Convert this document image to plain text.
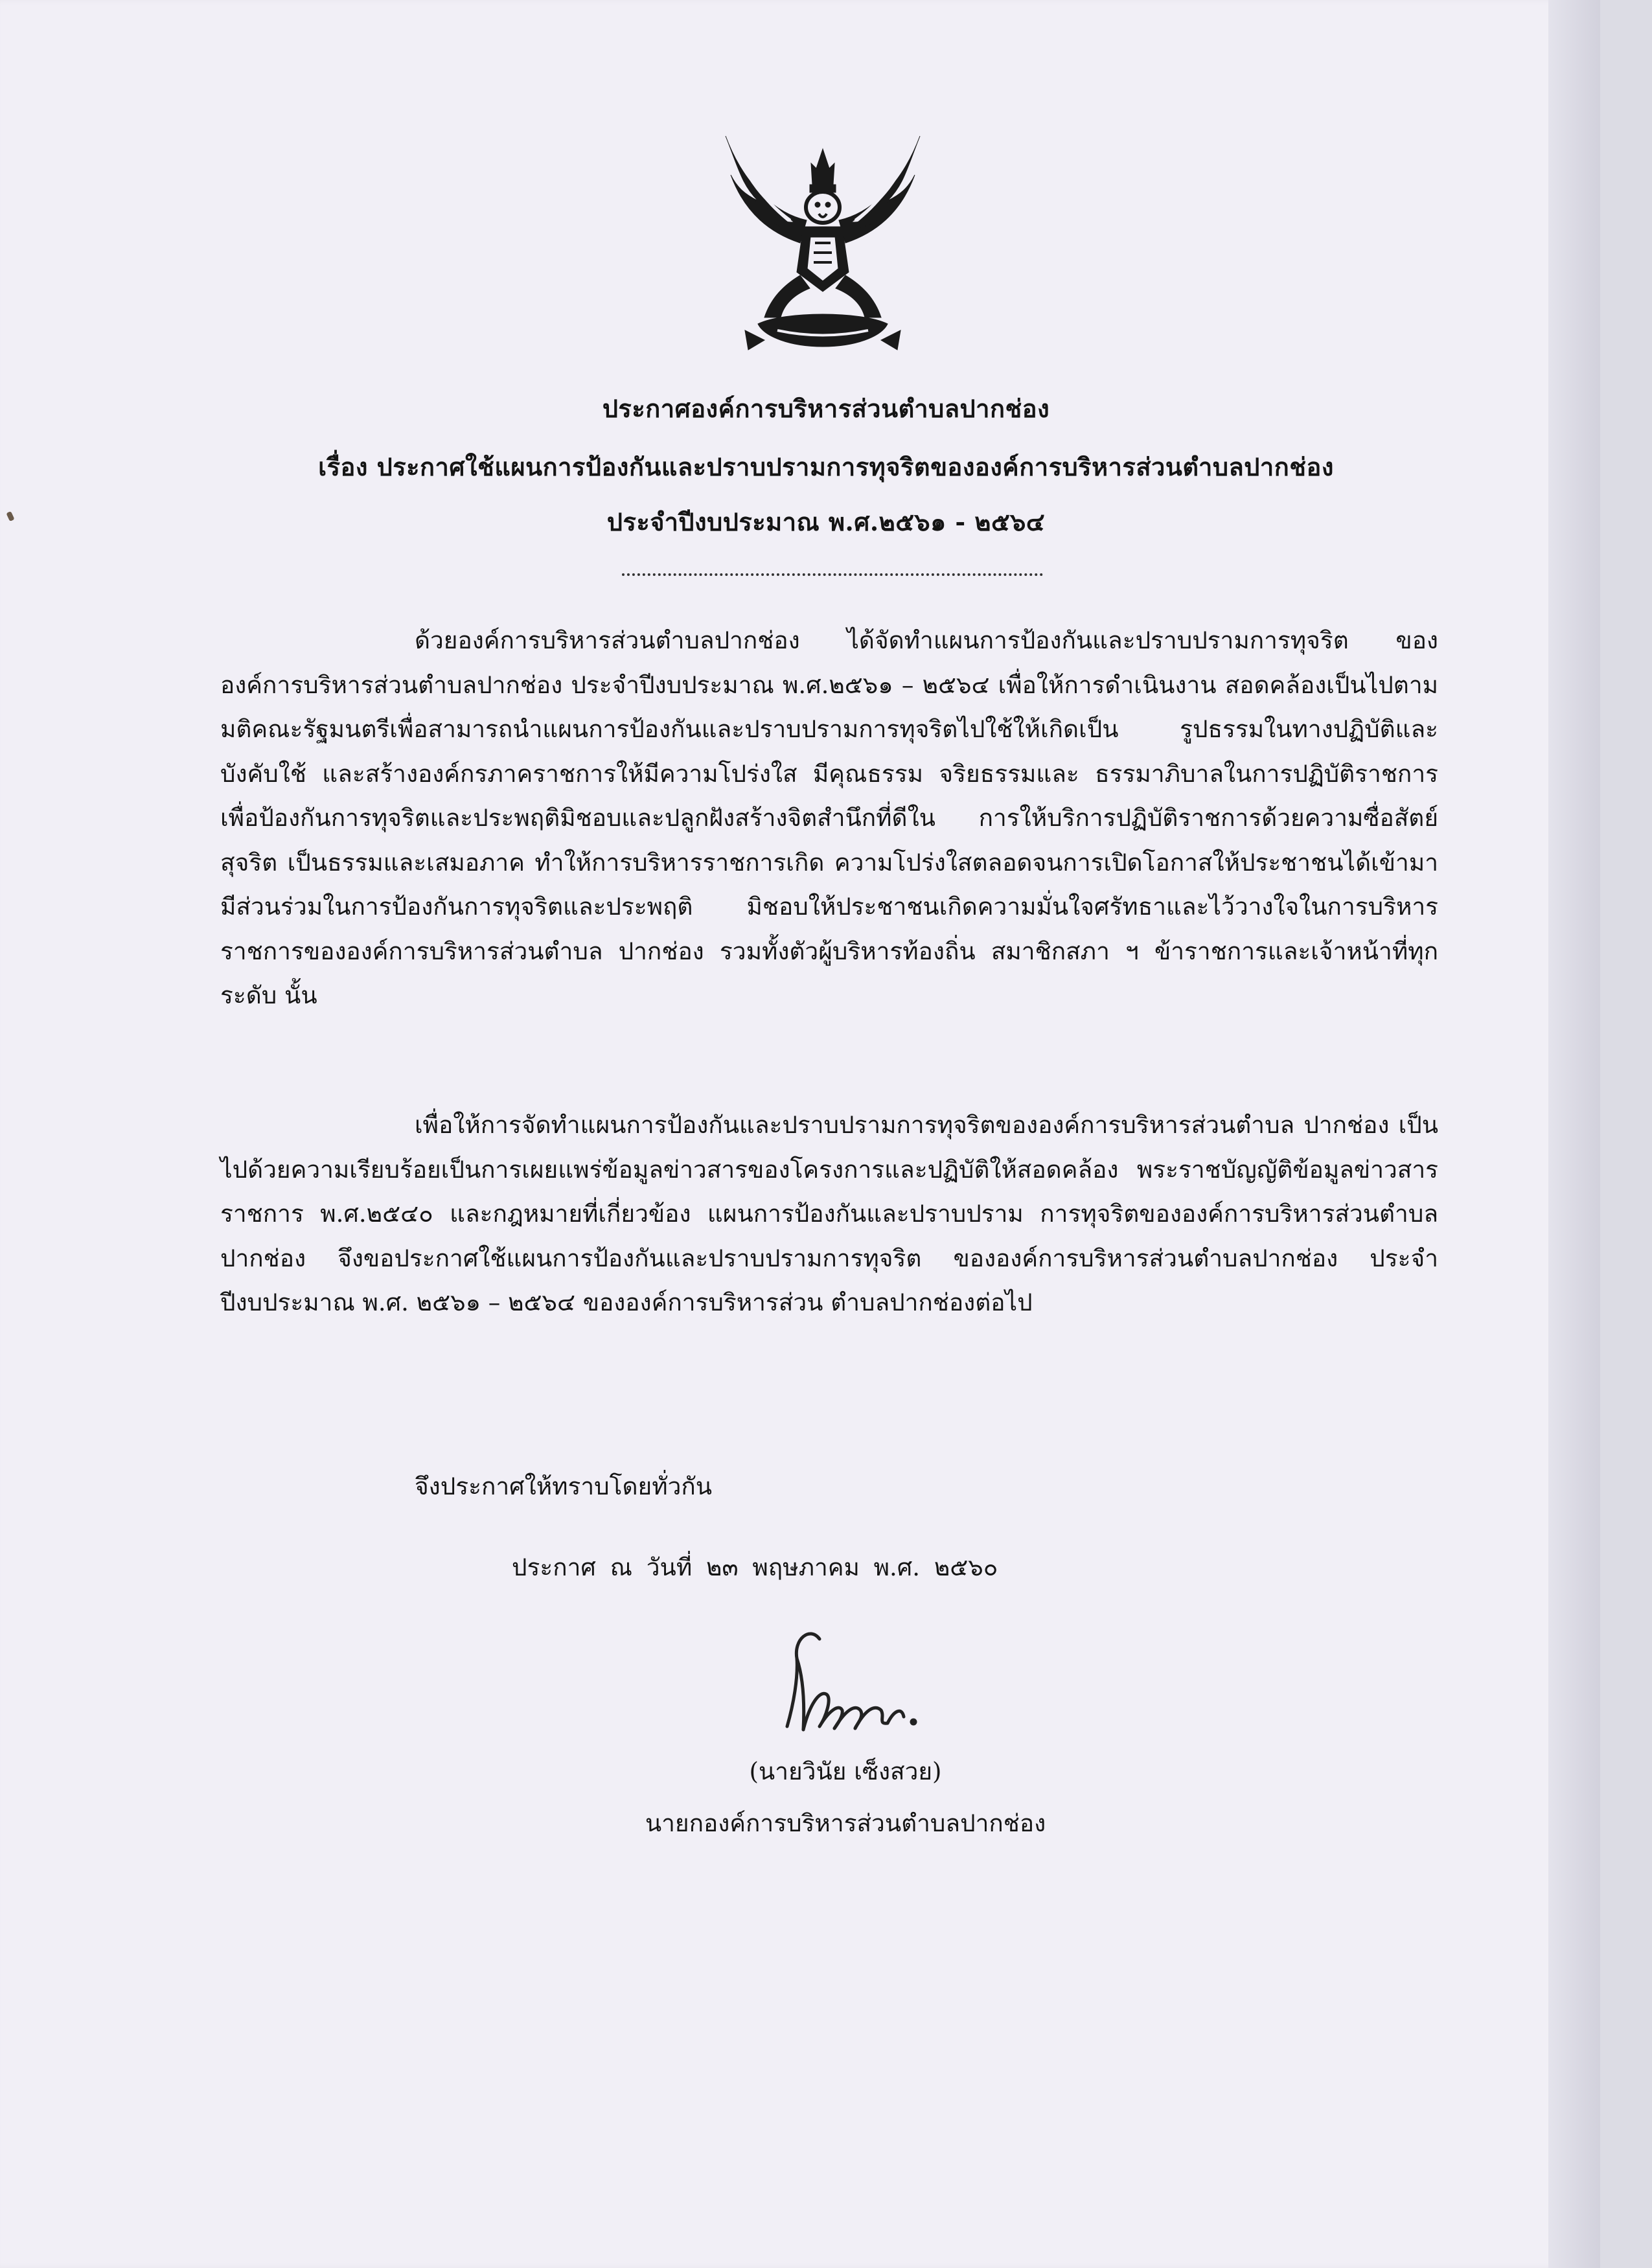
ประกาศองค์การบริหารส่วนตำบลปากช่อง
เรื่อง ประกาศใช้แผนการป้องกันและปราบปรามการทุจริตขององค์การบริหารส่วนตำบลปากช่อง
ประจำปีงบประมาณ พ.ศ.๒๕๖๑ - ๒๕๖๔

ด้วยองค์การบริหารส่วนตำบลปากช่อง ได้จัดทำแผนการป้องกันและปราบปรามการทุจริต ขององค์การบริหารส่วนตำบลปากช่อง ประจำปีงบประมาณ พ.ศ.๒๕๖๑ – ๒๕๖๔ เพื่อให้การดำเนินงาน สอดคล้องเป็นไปตามมติคณะรัฐมนตรีเพื่อสามารถนำแผนการป้องกันและปราบปรามการทุจริตไปใช้ให้เกิดเป็น รูปธรรมในทางปฏิบัติและบังคับใช้ และสร้างองค์กรภาคราชการให้มีความโปร่งใส มีคุณธรรม จริยธรรมและ ธรรมาภิบาลในการปฏิบัติราชการ เพื่อป้องกันการทุจริตและประพฤติมิชอบและปลูกฝังสร้างจิตสำนึกที่ดีใน การให้บริการปฏิบัติราชการด้วยความซื่อสัตย์ สุจริต เป็นธรรมและเสมอภาค ทำให้การบริหารราชการเกิด ความโปร่งใสตลอดจนการเปิดโอกาสให้ประชาชนได้เข้ามามีส่วนร่วมในการป้องกันการทุจริตและประพฤติ มิชอบให้ประชาชนเกิดความมั่นใจศรัทธาและไว้วางใจในการบริหารราชการขององค์การบริหารส่วนตำบล ปากช่อง รวมทั้งตัวผู้บริหารท้องถิ่น สมาชิกสภา ฯ ข้าราชการและเจ้าหน้าที่ทุกระดับ นั้น

เพื่อให้การจัดทำแผนการป้องกันและปราบปรามการทุจริตขององค์การบริหารส่วนตำบล ปากช่อง เป็นไปด้วยความเรียบร้อยเป็นการเผยแพร่ข้อมูลข่าวสารของโครงการและปฏิบัติให้สอดคล้อง พระราชบัญญัติข้อมูลข่าวสารราชการ พ.ศ.๒๕๔๐ และกฎหมายที่เกี่ยวข้อง แผนการป้องกันและปราบปราม การทุจริตขององค์การบริหารส่วนตำบลปากช่อง จึงขอประกาศใช้แผนการป้องกันและปราบปรามการทุจริต ขององค์การบริหารส่วนตำบลปากช่อง ประจำปีงบประมาณ พ.ศ. ๒๕๖๑ – ๒๕๖๔ ขององค์การบริหารส่วน ตำบลปากช่องต่อไป

จึงประกาศให้ทราบโดยทั่วกัน
ประกาศ ณ วันที่ ๒๓ พฤษภาคม พ.ศ. ๒๕๖๐
(นายวินัย เซ็งสวย)
นายกองค์การบริหารส่วนตำบลปากช่อง
